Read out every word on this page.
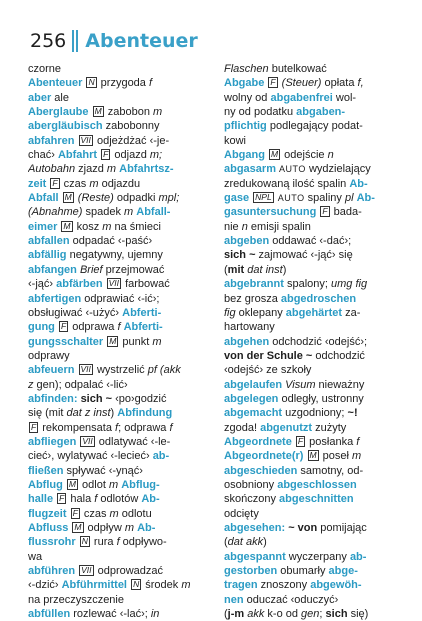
256 Abenteuer
czorne
Abenteuer N przygoda f
aber ale
Aberglaube M zabobon m
abergläubisch zabobonny
abfahren VII odjeżdżać ‹-je-
chać› Abfahrt F odjazd m;
Autobahn zjazd m Abfahrtsz-
zeit F czas m odjazdu
Abfall M (Reste) odpadki mpl;
(Abnahme) spadek m Abfall-
eimer M kosz m na śmieci
abfallen odpadać ‹-paść›
abfällig negatywny, ujemny
abfangen Brief przejmować
‹-jąć› abfärben VII farbować
abfertigen odprawiać ‹-ić›;
obsługiwać ‹-użyć› Abferti-
gung F odprawa f Abferti-
gungsschalter M punkt m
odprawy
abfeuern VII wystrzelić pf (akk
z gen); odpalać ‹-lić›
abfinden: sich ~ ‹po›godzić
się (mit dat z inst) Abfindung
F rekompensata f; odprawa f
abfliegen VII odlatywać ‹-le-
cieć›, wylatywać ‹-lecieć› ab-
fließen spływać ‹-ynąć›
Abflug M odlot m Abflug-
halle F hala f odlotów Ab-
flugzeit F czas m odlotu
Abfluss M odpływ m Ab-
flussrohr N rura f odpływo-
wa
abführen VII odprowadzać
‹-dzić› Abführmittel N środek m
na przeczyszczenie
abfüllen rozlewać ‹-lać›; in
Flaschen butelkować
Abgabe F (Steuer) opłata f,
wolny od abgabenfrei wol-
ny od podatku abgaben-
pflichtig podlegający podat-
kowi
Abgang M odejście n
abgasarm AUTO wydzielający
zredukowaną ilość spalin Ab-
gase NPL AUTO spaliny pl Ab-
gasuntersuchung F bada-
nie n emisji spalin
abgeben oddawać ‹-dać›;
sich ~ zajmować ‹-jąć› się
(mit dat inst)
abgebrannt spalony; umg fig
bez grosza abgedroschen
fig oklepany abgehärtet za-
hartowany
abgehen odchodzić ‹odejść›;
von der Schule ~ odchodzić
‹odejść› ze szkoły
abgelaufen Visum nieważny
abgelegen odległy, ustronny
abgemacht uzgodniony; ~!
zgoda! abgenutzt zużyty
Abgeordnete F posłanka f
Abgeordnete(r) M poseł m
abgeschieden samotny, od-
osobniony abgeschlossen
skończony abgeschnitten
odcięty
abgesehen: ~ von pomijając
(dat akk)
abgespannt wyczerpany ab-
gestorben obumarły abge-
tragen znoszony abgewöh-
nen oduczać ‹oduczyć›
(j-m akk k-o od gen; sich się)
